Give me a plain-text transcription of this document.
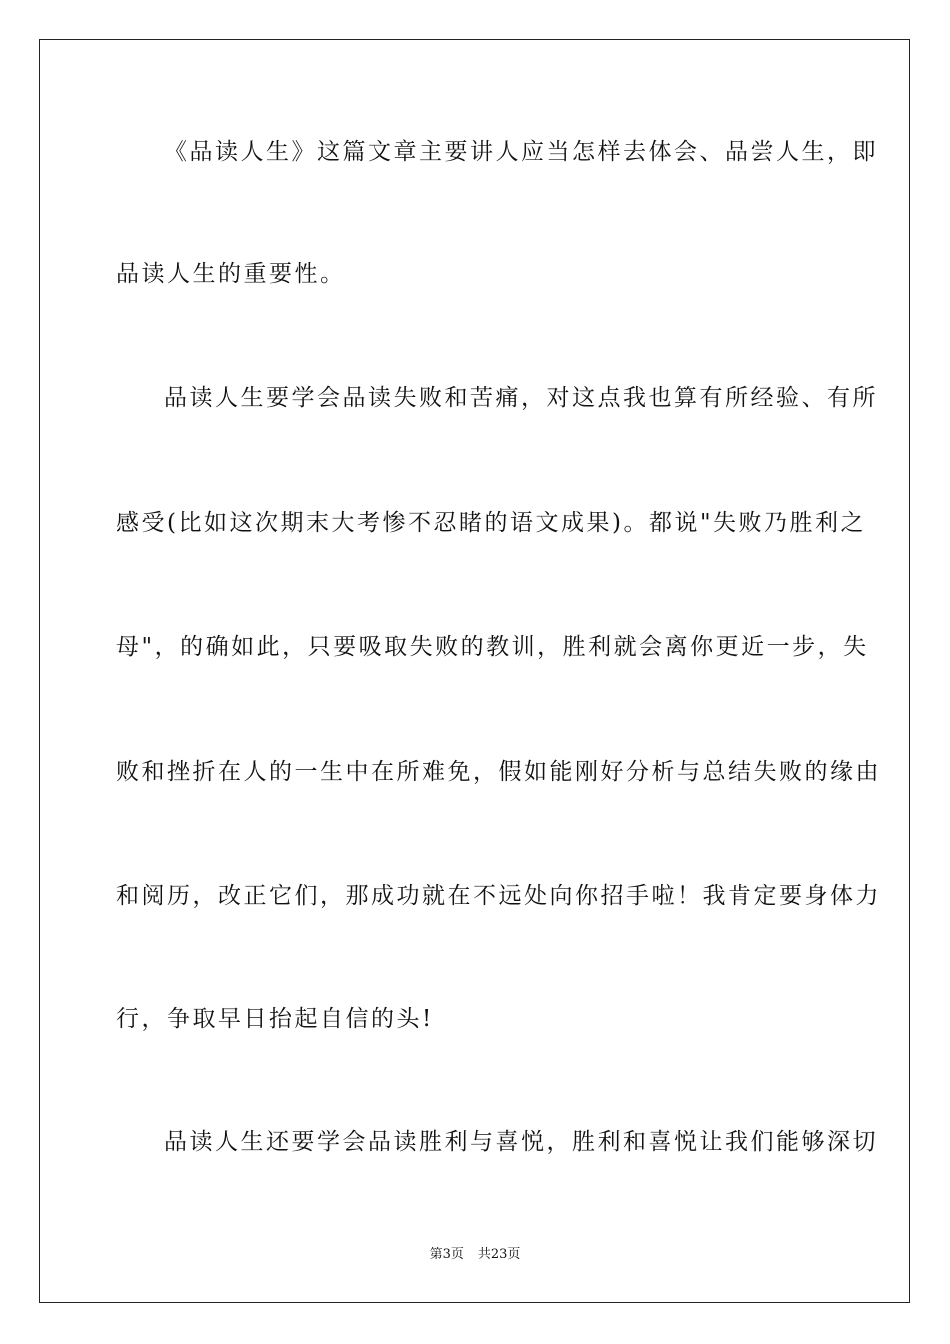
《品读人生》这篇文章主要讲人应当怎样去体会、品尝人生，即

品读人生的重要性。

品读人生要学会品读失败和苦痛，对这点我也算有所经验、有所

感受(比如这次期末大考惨不忍睹的语文成果)。都说"失败乃胜利之

母"，的确如此，只要吸取失败的教训，胜利就会离你更近一步，失

败和挫折在人的一生中在所难免，假如能刚好分析与总结失败的缘由

和阅历，改正它们，那成功就在不远处向你招手啦！我肯定要身体力

行，争取早日抬起自信的头!

品读人生还要学会品读胜利与喜悦，胜利和喜悦让我们能够深切

第3页 共23页
